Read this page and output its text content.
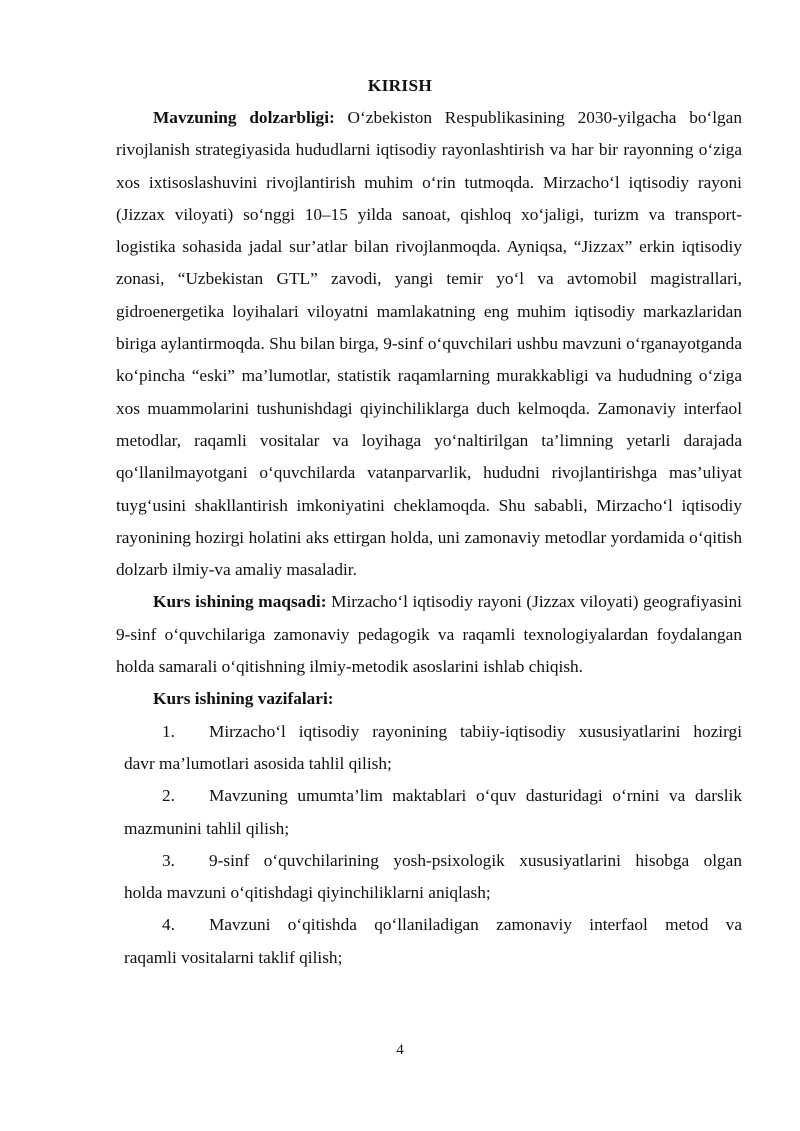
KIRISH

Mavzuning dolzarbligi: O‘zbekiston Respublikasining 2030-yilgacha bo‘lgan rivojlanish strategiyasida hududlarni iqtisodiy rayonlashtirish va har bir rayonning o‘ziga xos ixtisoslashuvini rivojlantirish muhim o‘rin tutmoqda. Mirzacho‘l iqtisodiy rayoni (Jizzax viloyati) so‘nggi 10–15 yilda sanoat, qishloq xo‘jaligi, turizm va transport-logistika sohasida jadal sur’atlar bilan rivojlanmoqda. Ayniqsa, “Jizzax” erkin iqtisodiy zonasi, “Uzbekistan GTL” zavodi, yangi temir yo‘l va avtomobil magistrallari, gidroenergetika loyihalari viloyatni mamlakatning eng muhim iqtisodiy markazlaridan biriga aylantirmoqda. Shu bilan birga, 9-sinf o‘quvchilari ushbu mavzuni o‘rganayotganda ko‘pincha “eski” ma’lumotlar, statistik raqamlarning murakkabligi va hududning o‘ziga xos muammolarini tushunishdagi qiyinchiliklarga duch kelmoqda. Zamonaviy interfaol metodlar, raqamli vositalar va loyihaga yo‘naltirilgan ta’limning yetarli darajada qo‘llanilmayotgani o‘quvchilarda vatanparvarlik, hududni rivojlantirishga mas’uliyat tuyg‘usini shakllantirish imkoniyatini cheklamoqda. Shu sababli, Mirzacho‘l iqtisodiy rayonining hozirgi holatini aks ettirgan holda, uni zamonaviy metodlar yordamida o‘qitish dolzarb ilmiy-va amaliy masaladir.

Kurs ishining maqsadi: Mirzacho‘l iqtisodiy rayoni (Jizzax viloyati) geografiyasini 9-sinf o‘quvchilariga zamonaviy pedagogik va raqamli texnologiyalardan foydalangan holda samarali o‘qitishning ilmiy-metodik asoslarini ishlab chiqish.

Kurs ishining vazifalari:

1. Mirzacho‘l iqtisodiy rayonining tabiiy-iqtisodiy xususiyatlarini hozirgi
davr ma’lumotlari asosida tahlil qilish;
2. Mavzuning umumta’lim maktablari o‘quv dasturidagi o‘rnini va darslik
mazmunini tahlil qilish;
3. 9-sinf o‘quvchilarining yosh-psixologik xususiyatlarini hisobga olgan
holda mavzuni o‘qitishdagi qiyinchiliklarni aniqlash;
4. Mavzuni o‘qitishda qo‘llaniladigan zamonaviy interfaol metod va
raqamli vositalarni taklif qilish;
4
